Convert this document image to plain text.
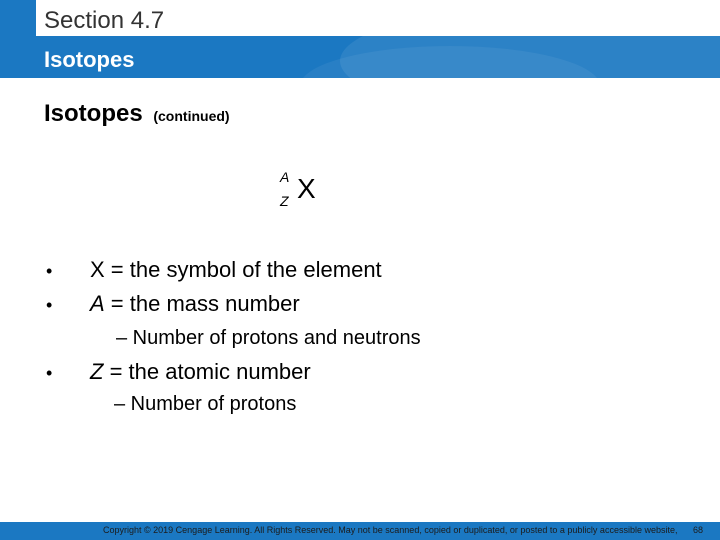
Section 4.7
Isotopes
Isotopes (continued)
A
Z X
• X = the symbol of the element
• A = the mass number
– Number of protons and neutrons
• Z = the atomic number
– Number of protons
Copyright © 2019 Cengage Learning. All Rights Reserved. May not be scanned, copied or duplicated, or posted to a publicly accessible website,	68
